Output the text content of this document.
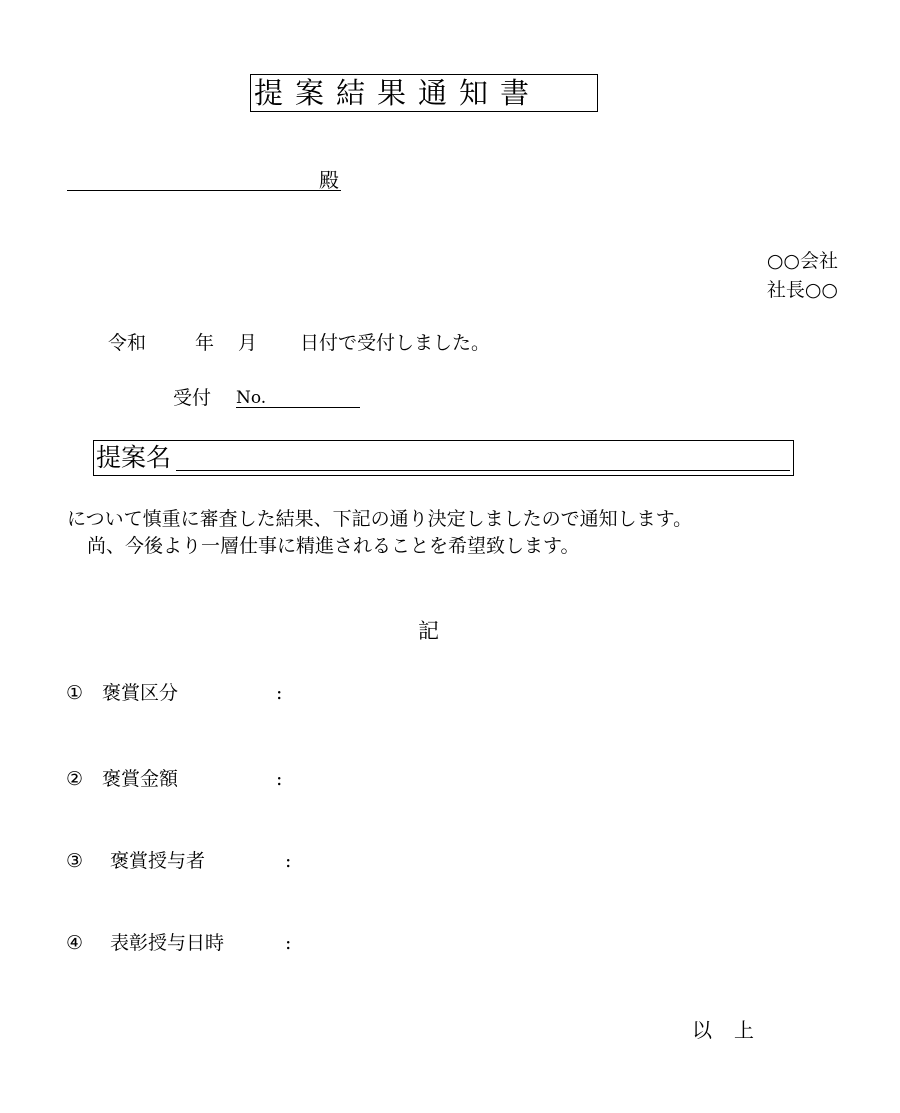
提案結果通知書
殿
○○会社
社長○○
令和	年 月 日付で受付しました。
受付 No.
提案名
について慎重に審査した結果、下記の通り決定しましたので通知します。
尚、今後より一層仕事に精進されることを希望致します。
記
① 褒賞区分	:
② 褒賞金額	:
③ 褒賞授与者	:
④ 表彰授与日時	:
以上
